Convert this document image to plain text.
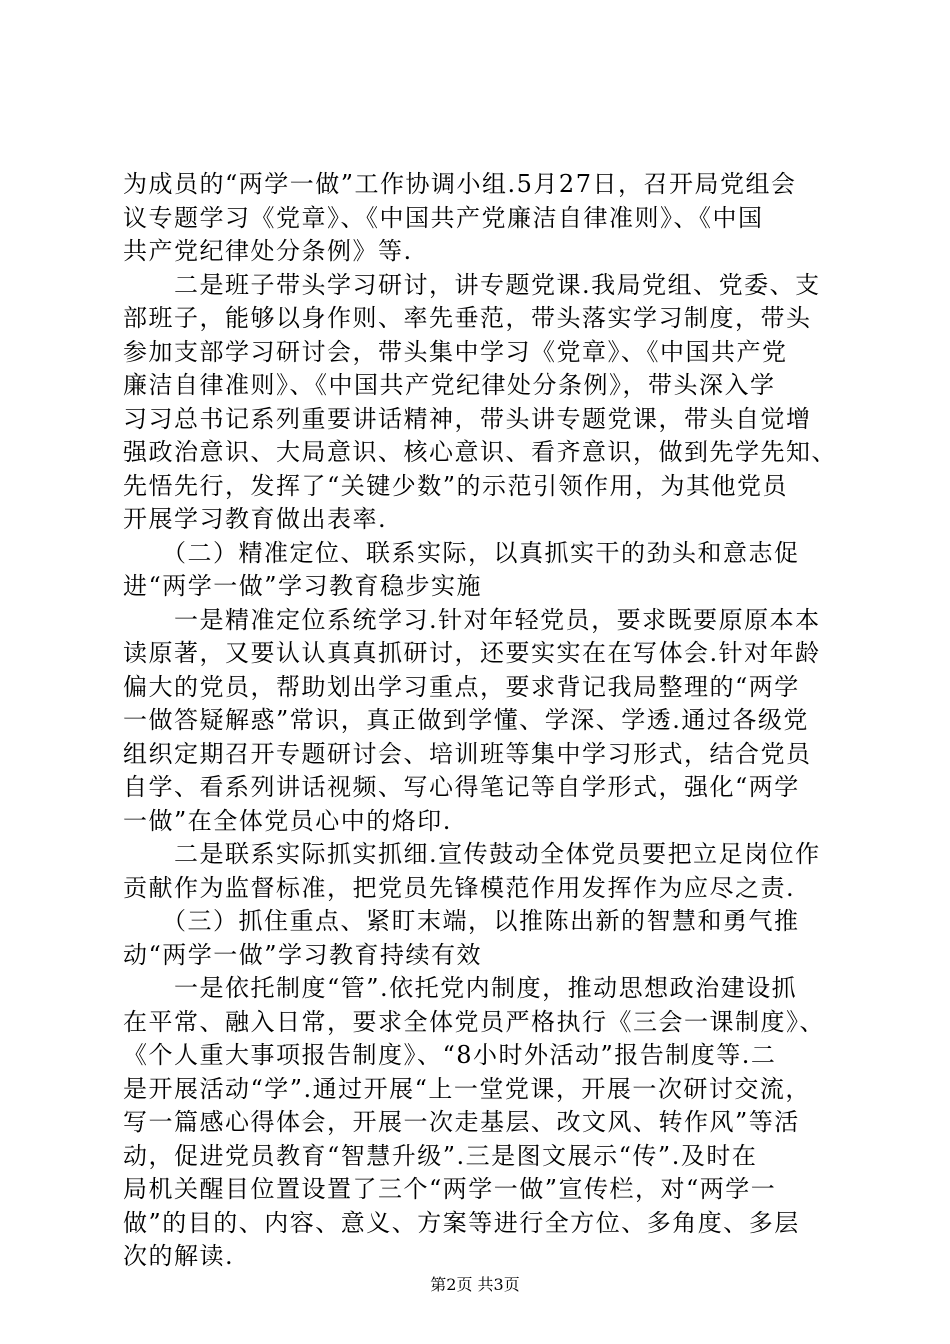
为成员的“两学一做”工作协调小组.5月27日，召开局党组会
议专题学习《党章》、《中国共产党廉洁自律准则》、《中国
共产党纪律处分条例》等.
　　二是班子带头学习研讨，讲专题党课.我局党组、党委、支
部班子，能够以身作则、率先垂范，带头落实学习制度，带头
参加支部学习研讨会，带头集中学习《党章》、《中国共产党
廉洁自律准则》、《中国共产党纪律处分条例》，带头深入学
习习总书记系列重要讲话精神，带头讲专题党课，带头自觉增
强政治意识、大局意识、核心意识、看齐意识，做到先学先知、
先悟先行，发挥了“关键少数”的示范引领作用，为其他党员
开展学习教育做出表率.
　　（二）精准定位、联系实际，以真抓实干的劲头和意志促
进“两学一做”学习教育稳步实施
　　一是精准定位系统学习.针对年轻党员，要求既要原原本本
读原著，又要认认真真抓研讨，还要实实在在写体会.针对年龄
偏大的党员，帮助划出学习重点，要求背记我局整理的“两学
一做答疑解惑”常识，真正做到学懂、学深、学透.通过各级党
组织定期召开专题研讨会、培训班等集中学习形式，结合党员
自学、看系列讲话视频、写心得笔记等自学形式，强化“两学
一做”在全体党员心中的烙印.
　　二是联系实际抓实抓细.宣传鼓动全体党员要把立足岗位作
贡献作为监督标准，把党员先锋模范作用发挥作为应尽之责.
　　（三）抓住重点、紧盯末端，以推陈出新的智慧和勇气推
动“两学一做”学习教育持续有效
　　一是依托制度“管”.依托党内制度，推动思想政治建设抓
在平常、融入日常，要求全体党员严格执行《三会一课制度》、
《个人重大事项报告制度》、“8小时外活动”报告制度等.二
是开展活动“学”.通过开展“上一堂党课，开展一次研讨交流，
写一篇感心得体会，开展一次走基层、改文风、转作风”等活
动，促进党员教育“智慧升级”.三是图文展示“传”.及时在
局机关醒目位置设置了三个“两学一做”宣传栏，对“两学一
做”的目的、内容、意义、方案等进行全方位、多角度、多层
次的解读.
第2页 共3页
